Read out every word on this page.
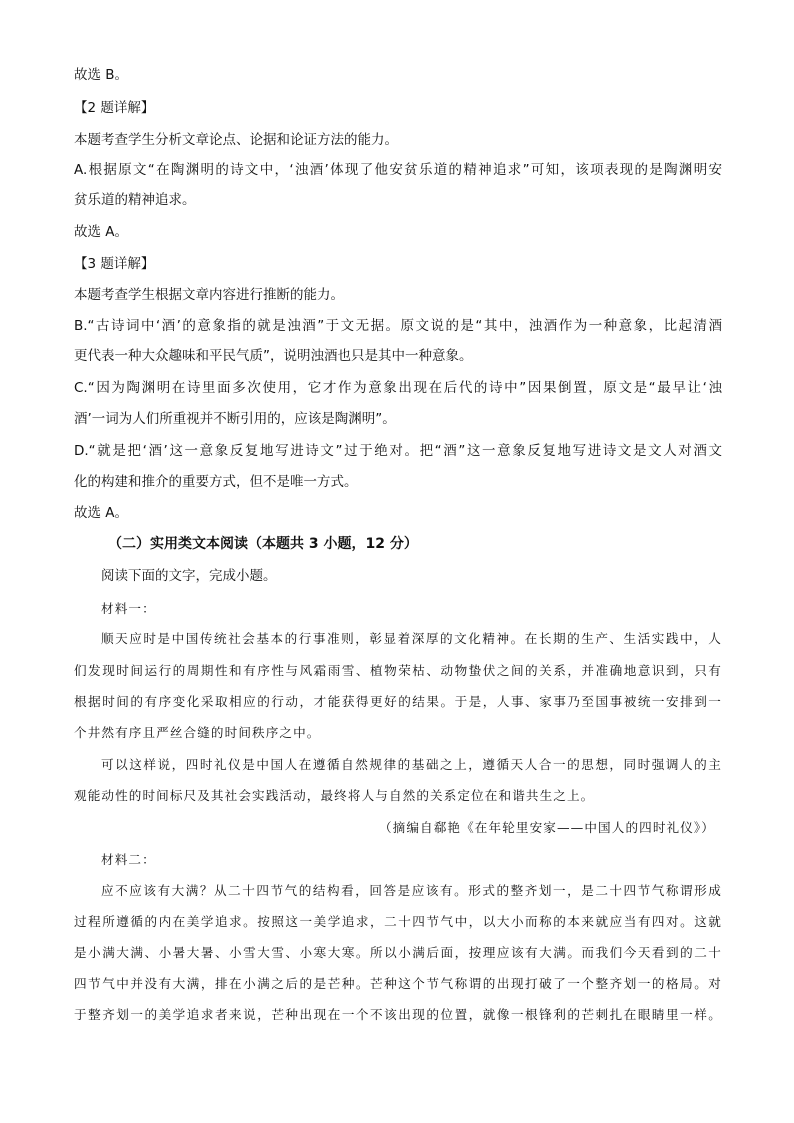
故选 B。
【2 题详解】
本题考查学生分析文章论点、论据和论证方法的能力。
A.根据原文“在陶渊明的诗文中，‘浊酒’体现了他安贫乐道的精神追求”可知，该项表现的是陶渊明安
贫乐道的精神追求。
故选 A。
【3 题详解】
本题考查学生根据文章内容进行推断的能力。
B.“古诗词中‘酒’的意象指的就是浊酒”于文无据。原文说的是“其中，浊酒作为一种意象，比起清酒
更代表一种大众趣味和平民气质”，说明浊酒也只是其中一种意象。
C.“因为陶渊明在诗里面多次使用，它才作为意象出现在后代的诗中”因果倒置，原文是“最早让‘浊
酒’一词为人们所重视并不断引用的，应该是陶渊明”。
D.“就是把‘酒’这一意象反复地写进诗文”过于绝对。把“酒”这一意象反复地写进诗文是文人对酒文
化的构建和推介的重要方式，但不是唯一方式。
故选 A。
（二）实用类文本阅读（本题共 3 小题，12 分）
阅读下面的文字，完成小题。
材料一：
顺天应时是中国传统社会基本的行事准则，彰显着深厚的文化精神。在长期的生产、生活实践中，人
们发现时间运行的周期性和有序性与风霜雨雪、植物荣枯、动物蛰伏之间的关系，并准确地意识到，只有
根据时间的有序变化采取相应的行动，才能获得更好的结果。于是，人事、家事乃至国事被统一安排到一
个井然有序且严丝合缝的时间秩序之中。
可以这样说，四时礼仪是中国人在遵循自然规律的基础之上，遵循天人合一的思想，同时强调人的主
观能动性的时间标尺及其社会实践活动，最终将人与自然的关系定位在和谐共生之上。
（摘编自郗艳《在年轮里安家——中国人的四时礼仪》）
材料二：
应不应该有大满？从二十四节气的结构看，回答是应该有。形式的整齐划一，是二十四节气称谓形成
过程所遵循的内在美学追求。按照这一美学追求，二十四节气中，以大小而称的本来就应当有四对。这就
是小满大满、小暑大暑、小雪大雪、小寒大寒。所以小满后面，按理应该有大满。而我们今天看到的二十
四节气中并没有大满，排在小满之后的是芒种。芒种这个节气称谓的出现打破了一个整齐划一的格局。对
于整齐划一的美学追求者来说，芒种出现在一个不该出现的位置，就像一根锋利的芒刺扎在眼睛里一样。
